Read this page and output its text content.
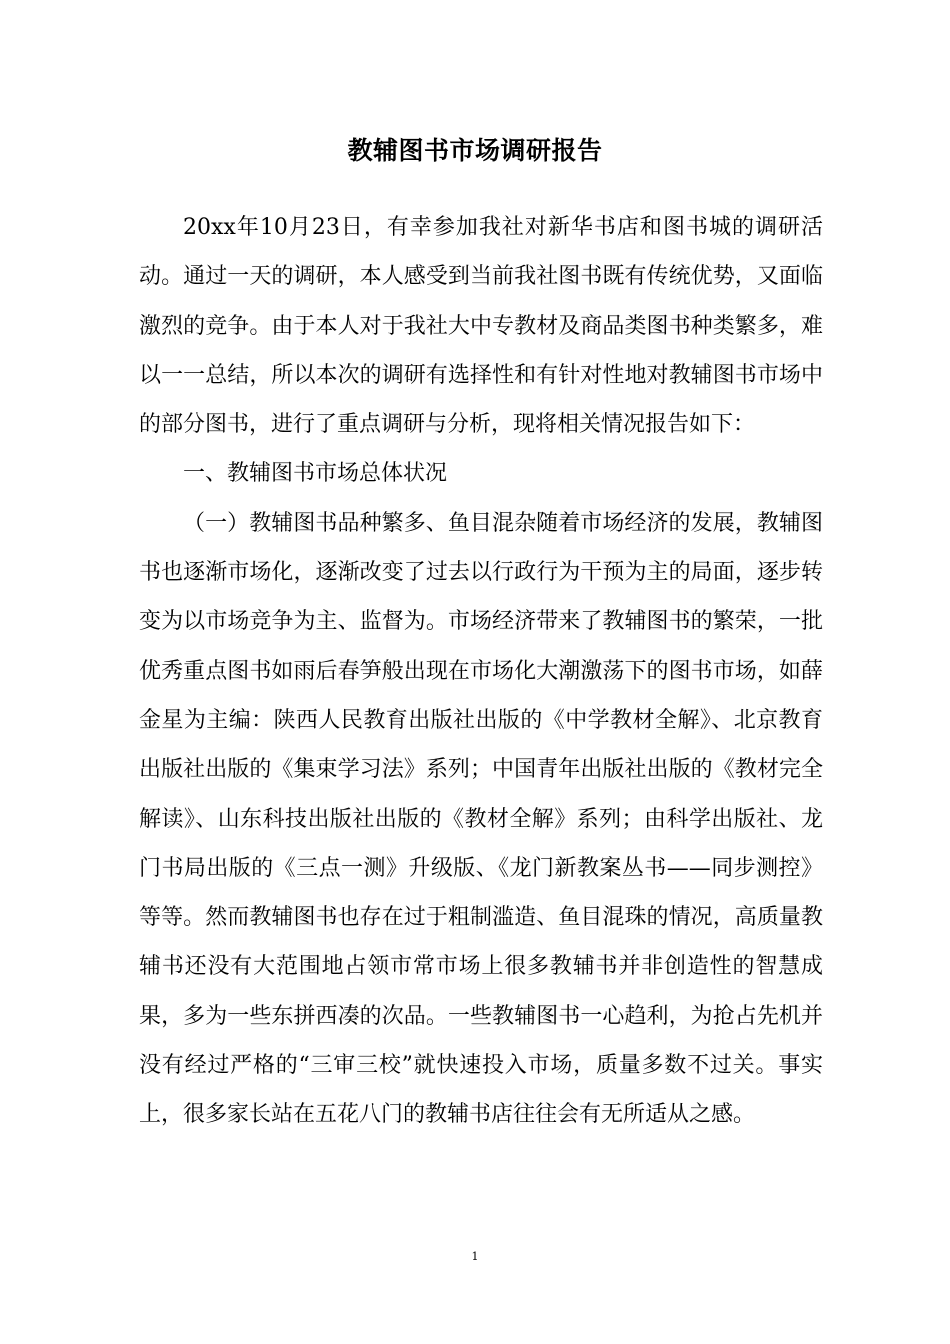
教辅图书市场调研报告

20xx年10月23日，有幸参加我社对新华书店和图书城的调研活动。通过一天的调研，本人感受到当前我社图书既有传统优势，又面临激烈的竞争。由于本人对于我社大中专教材及商品类图书种类繁多，难以一一总结，所以本次的调研有选择性和有针对性地对教辅图书市场中的部分图书，进行了重点调研与分析，现将相关情况报告如下：

一、教辅图书市场总体状况

（一）教辅图书品种繁多、鱼目混杂随着市场经济的发展，教辅图书也逐渐市场化，逐渐改变了过去以行政行为干预为主的局面，逐步转变为以市场竞争为主、监督为。市场经济带来了教辅图书的繁荣，一批优秀重点图书如雨后春笋般出现在市场化大潮激荡下的图书市场，如薛金星为主编：陕西人民教育出版社出版的《中学教材全解》、北京教育出版社出版的《集束学习法》系列；中国青年出版社出版的《教材完全解读》、山东科技出版社出版的《教材全解》系列；由科学出版社、龙门书局出版的《三点一测》升级版、《龙门新教案丛书——同步测控》等等。然而教辅图书也存在过于粗制滥造、鱼目混珠的情况，高质量教辅书还没有大范围地占领市常市场上很多教辅书并非创造性的智慧成果，多为一些东拼西凑的次品。一些教辅图书一心趋利，为抢占先机并没有经过严格的“三审三校”就快速投入市场，质量多数不过关。事实上，很多家长站在五花八门的教辅书店往往会有无所适从之感。

1
